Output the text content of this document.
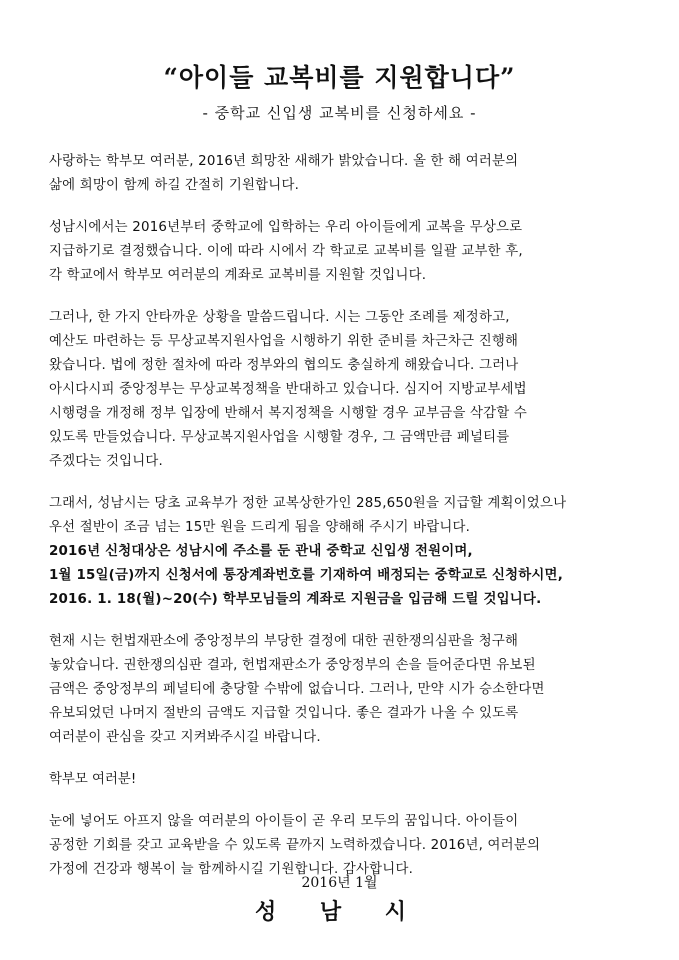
“아이들 교복비를 지원합니다”

- 중학교 신입생 교복비를 신청하세요 -

사랑하는 학부모 여러분, 2016년 희망찬 새해가 밝았습니다. 올 한 해 여러분의
삶에 희망이 함께 하길 간절히 기원합니다.
성남시에서는 2016년부터 중학교에 입학하는 우리 아이들에게 교복을 무상으로
지급하기로 결정했습니다. 이에 따라 시에서 각 학교로 교복비를 일괄 교부한 후,
각 학교에서 학부모 여러분의 계좌로 교복비를 지원할 것입니다.
그러나, 한 가지 안타까운 상황을 말씀드립니다. 시는 그동안 조례를 제정하고,
예산도 마련하는 등 무상교복지원사업을 시행하기 위한 준비를 차근차근 진행해
왔습니다. 법에 정한 절차에 따라 정부와의 협의도 충실하게 해왔습니다. 그러나
아시다시피 중앙정부는 무상교복정책을 반대하고 있습니다. 심지어 지방교부세법
시행령을 개정해 정부 입장에 반해서 복지정책을 시행할 경우 교부금을 삭감할 수
있도록 만들었습니다. 무상교복지원사업을 시행할 경우, 그 금액만큼 페널티를
주겠다는 것입니다.
그래서, 성남시는 당초 교육부가 정한 교복상한가인 285,650원을 지급할 계획이었으나
우선 절반이 조금 넘는 15만 원을 드리게 됨을 양해해 주시기 바랍니다.
2016년 신청대상은 성남시에 주소를 둔 관내 중학교 신입생 전원이며,
1월 15일(금)까지 신청서에 통장계좌번호를 기재하여 배정되는 중학교로 신청하시면,
2016. 1. 18(월)~20(수) 학부모님들의 계좌로 지원금을 입금해 드릴 것입니다.
현재 시는 헌법재판소에 중앙정부의 부당한 결정에 대한 권한쟁의심판을 청구해
놓았습니다. 권한쟁의심판 결과, 헌법재판소가 중앙정부의 손을 들어준다면 유보된
금액은 중앙정부의 페널티에 충당할 수밖에 없습니다. 그러나, 만약 시가 승소한다면
유보되었던 나머지 절반의 금액도 지급할 것입니다. 좋은 결과가 나올 수 있도록
여러분이 관심을 갖고 지켜봐주시길 바랍니다.

학부모 여러분!

눈에 넣어도 아프지 않을 여러분의 아이들이 곧 우리 모두의 꿈입니다. 아이들이
공정한 기회를 갖고 교육받을 수 있도록 끝까지 노력하겠습니다. 2016년, 여러분의
가정에 건강과 행복이 늘 함께하시길 기원합니다. 감사합니다.

2016년 1월

성 남 시
